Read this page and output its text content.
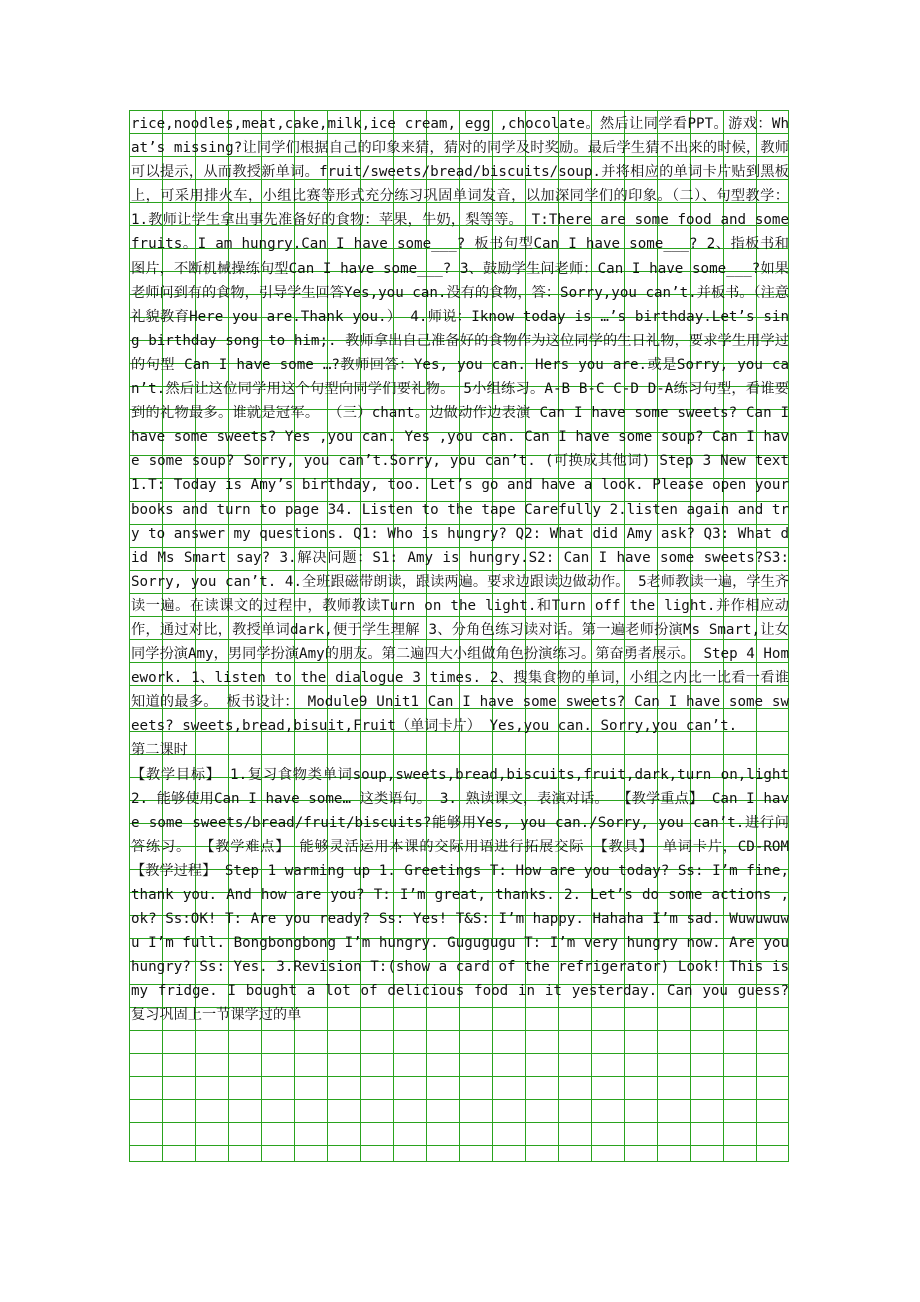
rice,noodles,meat,cake,milk,ice cream, egg ,chocolate。然后让同学看PPT。游戏：What’s missing?让同学们根据自己的印象来猜，猜对的同学及时奖励。最后学生猜不出来的时候，教师可以提示，从而教授新单词。fruit/sweets/bread/biscuits/soup.并将相应的单词卡片贴到黑板上，可采用排火车，小组比赛等形式充分练习巩固单词发音，以加深同学们的印象。（二）、句型教学： 1.教师让学生拿出事先准备好的食物：苹果，牛奶，梨等等。 T:There are some food and some fruits。I am hungry.Can I have some___? 板书句型Can I have some___? 2、指板书和图片，不断机械操练句型Can I have some___? 3、鼓励学生问老师：Can I have some___?如果老师问到有的食物，引导学生回答Yes,you can.没有的食物，答：Sorry,you can’t.并板书。（注意礼貌教育Here you are.Thank you.） 4.师说：Iknow today is …’s birthday.Let’s sing birthday song to him;. 教师拿出自己准备好的食物作为这位同学的生日礼物，要求学生用学过的句型 Can I have some …?教师回答：Yes, you can. Hers you are.或是Sorry, you can’t.然后让这位同学用这个句型向同学们要礼物。 5小组练习。A-B B-C C-D D-A练习句型，看谁要到的礼物最多。谁就是冠军。 （三）chant。边做动作边表演 Can I have some sweets? Can I have some sweets? Yes ,you can. Yes ,you can. Can I have some soup? Can I have some soup? Sorry, you can’t.Sorry, you can’t. (可换成其他词) Step 3 New text 1.T: Today is Amy’s birthday, too. Let’s go and have a look. Please open your books and turn to page 34. Listen to the tape Carefully 2.listen again and try to answer my questions. Q1: Who is hungry? Q2: What did Amy ask? Q3: What did Ms Smart say? 3.解决问题：S1: Amy is hungry.S2: Can I have some sweets?S3: Sorry, you can’t. 4.全班跟磁带朗读，跟读两遍。要求边跟读边做动作。 5老师教读一遍，学生齐读一遍。在读课文的过程中，教师教读Turn on the light.和Turn off the light.并作相应动作，通过对比，教授单词dark,便于学生理解 3、分角色练习读对话。第一遍老师扮演Ms Smart,让女同学扮演Amy，男同学扮演Amy的朋友。第二遍四大小组做角色扮演练习。第奋勇者展示。 Step 4 Homework. 1、listen to the dialogue 3 times. 2、搜集食物的单词，小组之内比一比看一看谁知道的最多。 板书设计： Module9 Unit1 Can I have some sweets? Can I have some sweets? sweets,bread,bisuit,Fruit（单词卡片） Yes,you can. Sorry,you can’t.

第二课时

【教学目标】 1.复习食物类单词soup,sweets,bread,biscuits,fruit,dark,turn on,light 2. 能够使用Can I have some… 这类语句。 3. 熟读课文，表演对话。 【教学重点】 Can I have some sweets/bread/fruit/biscuits?能够用Yes, you can./Sorry, you can’t.进行问答练习。 【教学难点】 能够灵活运用本课的交际用语进行拓展交际 【教具】 单词卡片，CD-ROM 【教学过程】 Step 1 warming up 1. Greetings T: How are you today? Ss: I’m fine, thank you. And how are you? T: I’m great, thanks. 2. Let’s do some actions , ok? Ss:OK! T: Are you ready? Ss: Yes! T&S: I’m happy. Hahaha I’m sad. Wuwuwuwu I’m full. Bongbongbong I’m hungry. Gugugugu T: I’m very hungry now. Are you hungry? Ss: Yes. 3.Revision T:(show a card of the refrigerator) Look! This is my fridge. I bought a lot of delicious food in it yesterday. Can you guess? 复习巩固上一节课学过的单
